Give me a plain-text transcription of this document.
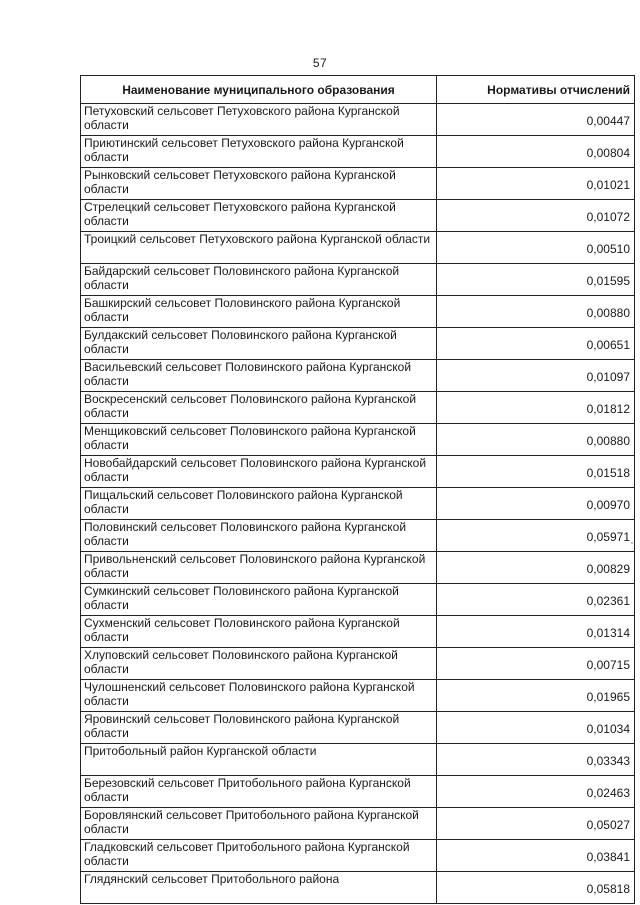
57
Наименование муниципального образования	Нормативы отчислений
Петуховский сельсовет Петуховского района Курганской области	0,00447
Приютинский сельсовет Петуховского района Курганской области	0,00804
Рынковский сельсовет Петуховского района Курганской области	0,01021
Стрелецкий сельсовет Петуховского района Курганской области	0,01072
Троицкий сельсовет Петуховского района Курганской области	0,00510
Байдарский сельсовет Половинского района Курганской области	0,01595
Башкирский сельсовет Половинского района Курганской области	0,00880
Булдакский сельсовет Половинского района Курганской области	0,00651
Васильевский сельсовет Половинского района Курганской области	0,01097
Воскресенский сельсовет Половинского района Курганской области	0,01812
Менщиковский сельсовет Половинского района Курганской области	0,00880
Новобайдарский сельсовет Половинского района Курганской области	0,01518
Пищальский сельсовет Половинского района Курганской области	0,00970
Половинский сельсовет Половинского района Курганской области	0,05971
Привольненский сельсовет Половинского района Курганской области	0,00829
Сумкинский сельсовет Половинского района Курганской области	0,02361
Сухменский сельсовет Половинского района Курганской области	0,01314
Хлуповский сельсовет Половинского района Курганской области	0,00715
Чулошненский сельсовет Половинского района Курганской области	0,01965
Яровинский сельсовет Половинского района Курганской области	0,01034
Притобольный район Курганской области	0,03343
Березовский сельсовет Притобольного района Курганской области	0,02463
Боровлянский сельсовет Притобольного района Курганской области	0,05027
Гладковский сельсовет Притобольного района Курганской области	0,03841
Глядянский сельсовет Притобольного района	0,05818
